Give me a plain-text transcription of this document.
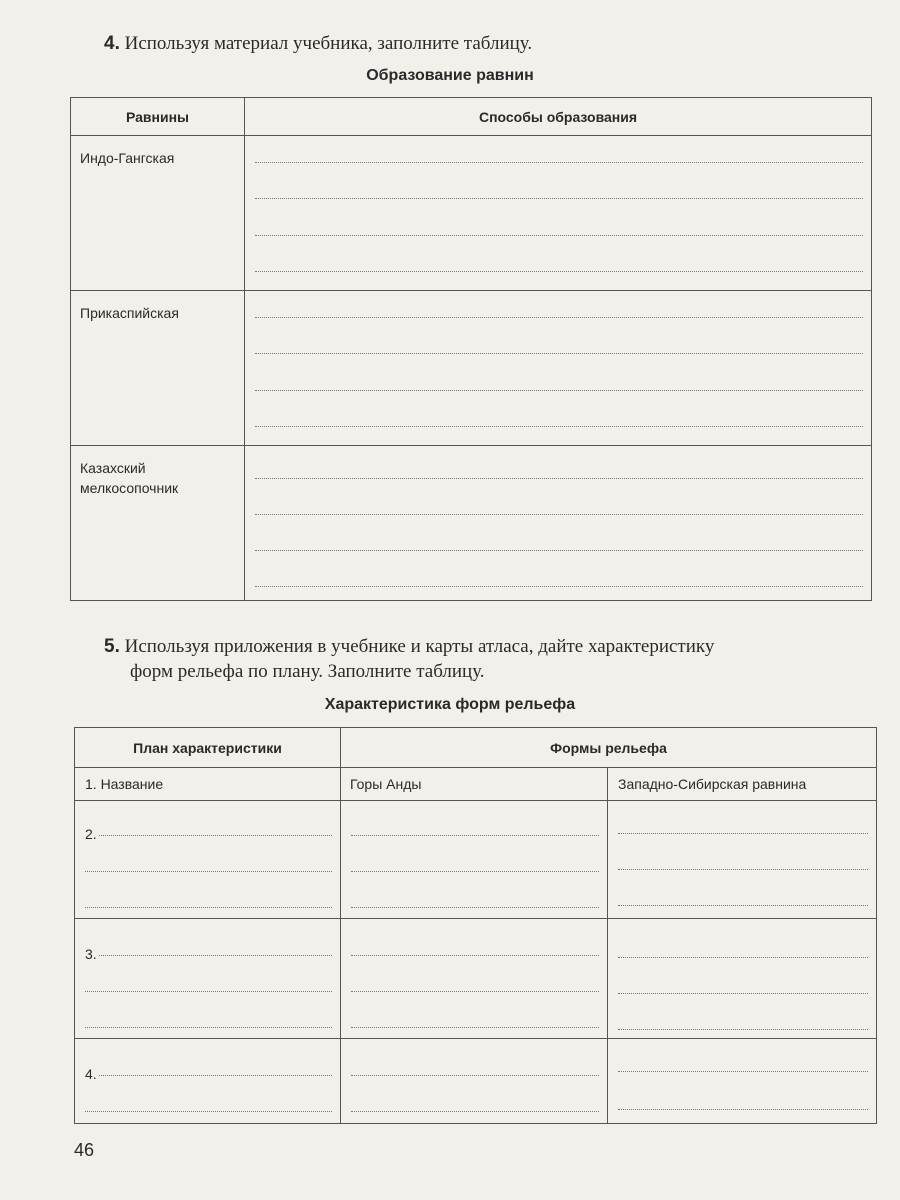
4. Используя материал учебника, заполните таблицу.
Образование равнин
Равнины	Способы образования

Индо-Гангская	

Прикаспийская	

Казахский мелкосопочник	

5. Используя приложения в учебнике и карты атласа, дайте характеристику
форм рельефа по плану. Заполните таблицу.
Характеристика форм рельефа
План характеристики	Формы рельефа	

1. Название	Горы Анды	Западно-Сибирская равнина

2.		

3.		

4.		

46
